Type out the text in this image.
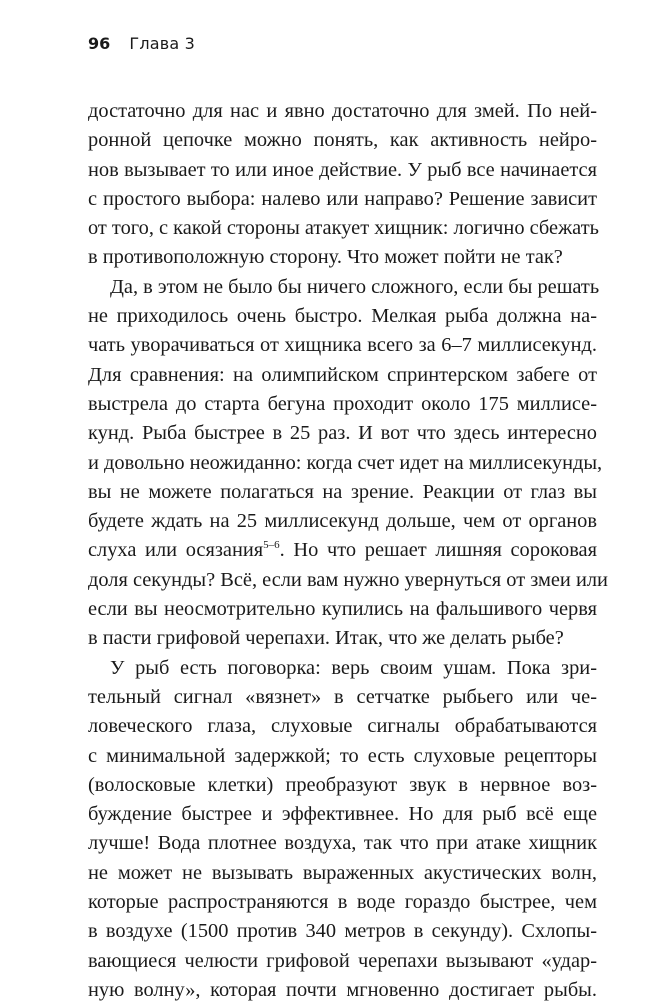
96 Глава 3
достаточно для нас и явно достаточно для змей. По ней-
ронной цепочке можно понять, как активность нейро-
нов вызывает то или иное действие. У рыб все начинается
с простого выбора: налево или направо? Решение зависит
от того, с какой стороны атакует хищник: логично сбежать
в противоположную сторону. Что может пойти не так?
Да, в этом не было бы ничего сложного, если бы решать
не приходилось очень быстро. Мелкая рыба должна на-
чать уворачиваться от хищника всего за 6–7 миллисекунд.
Для сравнения: на олимпийском спринтерском забеге от
выстрела до старта бегуна проходит около 175 миллисе-
кунд. Рыба быстрее в 25 раз. И вот что здесь интересно
и довольно неожиданно: когда счет идет на миллисекунды,
вы не можете полагаться на зрение. Реакции от глаз вы
будете ждать на 25 миллисекунд дольше, чем от органов
слуха или осязания$^{5-6}$. Но что решает лишняя сороковая
доля секунды? Всё, если вам нужно увернуться от змеи или
если вы неосмотрительно купились на фальшивого червя
в пасти грифовой черепахи. Итак, что же делать рыбе?
У рыб есть поговорка: верь своим ушам. Пока зри-
тельный сигнал «вязнет» в сетчатке рыбьего или че-
ловеческого глаза, слуховые сигналы обрабатываются
с минимальной задержкой; то есть слуховые рецепторы
(волосковые клетки) преобразуют звук в нервное воз-
буждение быстрее и эффективнее. Но для рыб всё еще
лучше! Вода плотнее воздуха, так что при атаке хищник
не может не вызывать выраженных акустических волн,
которые распространяются в воде гораздо быстрее, чем
в воздухе (1500 против 340 метров в секунду). Схлопы-
вающиеся челюсти грифовой черепахи вызывают «удар-
ную волну», которая почти мгновенно достигает рыбы.
